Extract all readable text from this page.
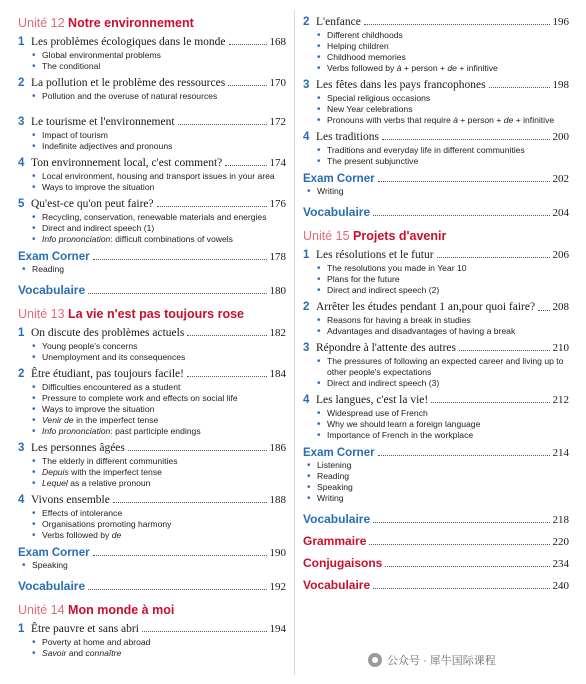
Unité 12 Notre environnement
1 Les problèmes écologiques dans le monde	168
• Global environmental problems
• The conditional
2 La pollution et le problème des ressources	170
• Pollution and the overuse of natural resources
3 Le tourisme et l'environnement	172
• Impact of tourism
• Indefinite adjectives and pronouns
4 Ton environnement local, c'est comment?	174
• Local environment, housing and transport issues in your area
• Ways to improve the situation
5 Qu'est-ce qu'on peut faire?	176
• Recycling, conservation, renewable materials and energies
• Direct and indirect speech (1)
• Info prononciation: difficult combinations of vowels
Exam Corner	178
• Reading
Vocabulaire	180
Unité 13 La vie n'est pas toujours rose
1 On discute des problèmes actuels	182
• Young people's concerns
• Unemployment and its consequences
2 Être étudiant, pas toujours facile!	184
• Difficulties encountered as a student
• Pressure to complete work and effects on social life
• Ways to improve the situation
• Venir de in the imperfect tense
• Info prononciation: past participle endings
3 Les personnes âgées	186
• The elderly in different communities
• Depuis with the imperfect tense
• Lequel as a relative pronoun
4 Vivons ensemble	188
• Effects of intolerance
• Organisations promoting harmony
• Verbs followed by de
Exam Corner	190
• Speaking
Vocabulaire	192
Unité 14 Mon monde à moi
1 Être pauvre et sans abri	194
• Poverty at home and abroad
• Savoir and connaître
2 L'enfance	196
• Different childhoods
• Helping children
• Childhood memories
• Verbs followed by à + person + de + infinitive
3 Les fêtes dans les pays francophones	198
• Special religious occasions
• New Year celebrations
• Pronouns with verbs that require à + person + de + infinitive
4 Les traditions	200
• Traditions and everyday life in different communities
• The present subjunctive
Exam Corner	202
• Writing
Vocabulaire	204
Unité 15 Projets d'avenir
1 Les résolutions et le futur	206
• The resolutions you made in Year 10
• Plans for the future
• Direct and indirect speech (2)
2 Arrêter les études pendant 1 an,pour quoi faire? 208
• Reasons for having a break in studies
• Advantages and disadvantages of having a break
3 Répondre à l'attente des autres	210
• The pressures of following an expected career and living up to other people's expectations
• Direct and indirect speech (3)
4 Les langues, c'est la vie!	212
• Widespread use of French
• Why we should learn a foreign language
• Importance of French in the workplace
Exam Corner	214
• Listening
• Reading
• Speaking
• Writing
Vocabulaire	218
Grammaire	220
Conjugaisons	234
Vocabulaire	240
公众号 · 犀牛国际课程
